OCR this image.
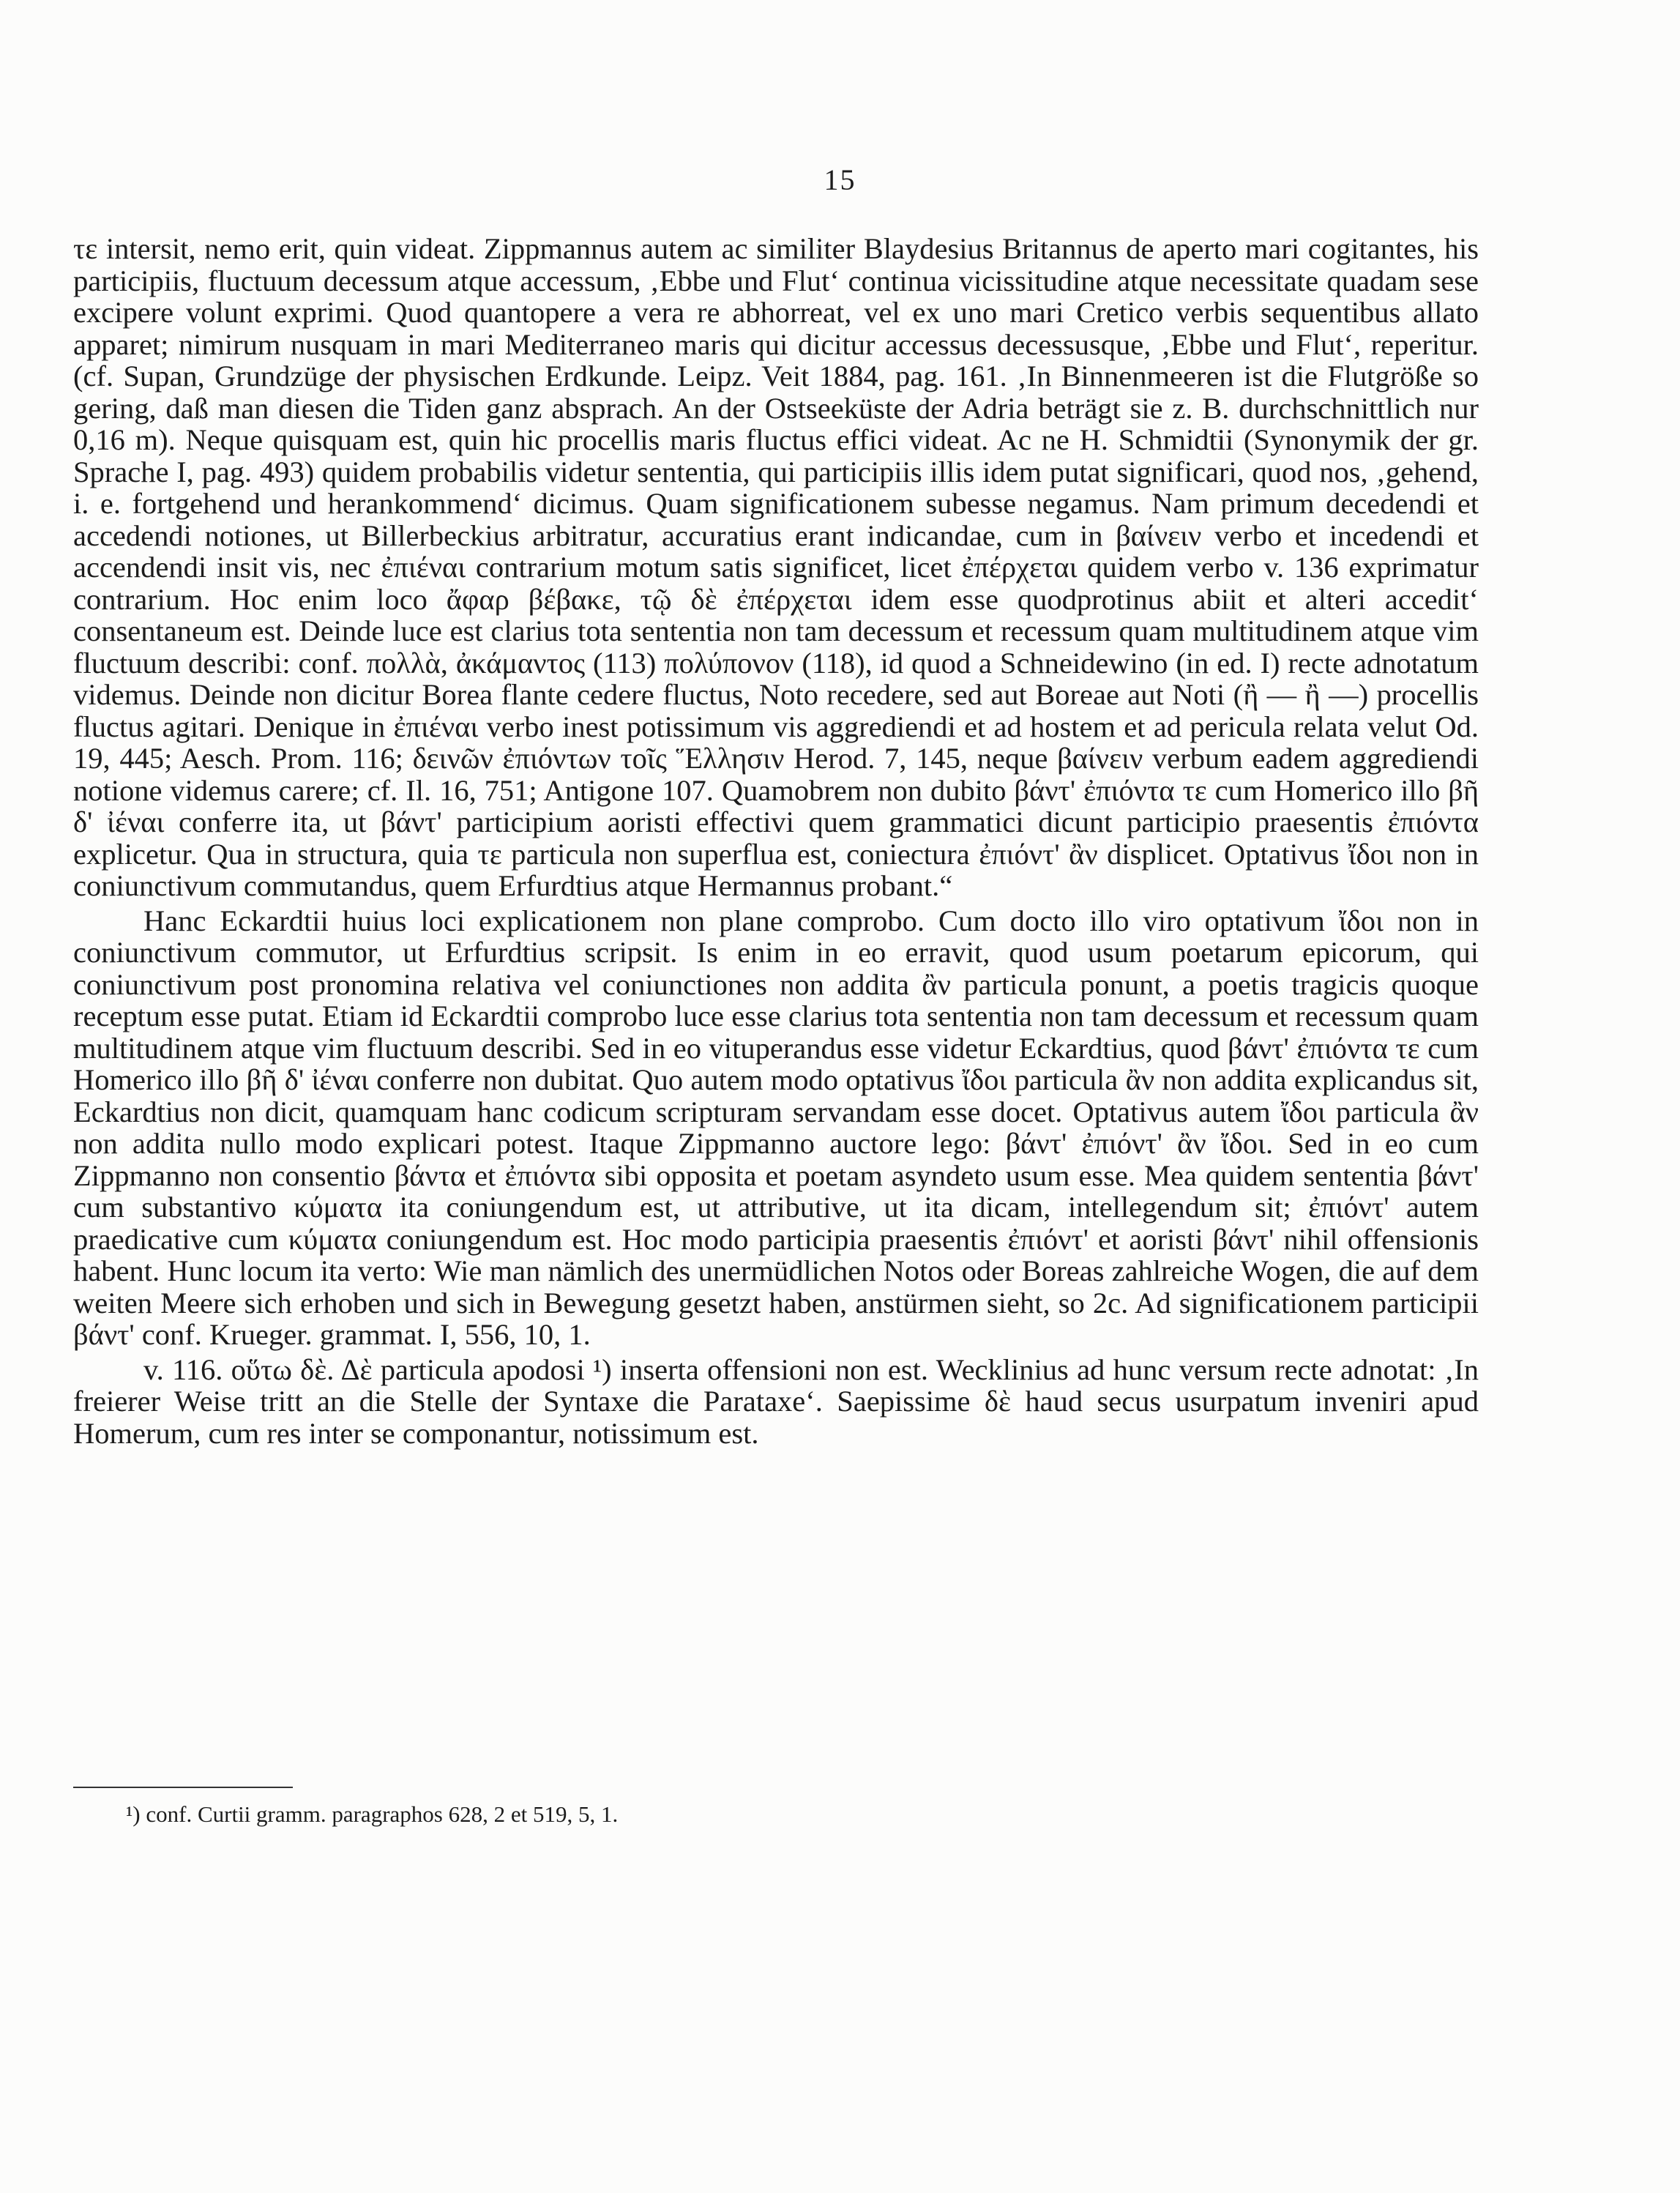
15

τε intersit, nemo erit, quin videat. Zippmannus autem ac similiter Blaydesius Britannus de aperto mari cogitantes, his participiis, fluctuum decessum atque accessum, ‚Ebbe und Flut‘ continua vicissitudine atque necessitate quadam sese excipere volunt exprimi. Quod quantopere a vera re abhorreat, vel ex uno mari Cretico verbis sequentibus allato apparet; nimirum nusquam in mari Mediterraneo maris qui dicitur accessus decessusque, ‚Ebbe und Flut‘, reperitur. (cf. Supan, Grundzüge der physischen Erdkunde. Leipz. Veit 1884, pag. 161. ‚In Binnenmeeren ist die Flutgröße so gering, daß man diesen die Tiden ganz absprach. An der Ostseeküste der Adria beträgt sie z. B. durchschnittlich nur 0,16 m). Neque quisquam est, quin hic procellis maris fluctus effici videat. Ac ne H. Schmidtii (Synonymik der gr. Sprache I, pag. 493) quidem probabilis videtur sententia, qui participiis illis idem putat significari, quod nos, ‚gehend, i. e. fortgehend und herankommend‘ dicimus. Quam significationem subesse negamus. Nam primum decedendi et accedendi notiones, ut Billerbeckius arbitratur, accuratius erant indicandae, cum in βαίνειν verbo et incedendi et accendendi insit vis, nec ἐπιέναι contrarium motum satis significet, licet ἐπέρχεται quidem verbo v. 136 exprimatur contrarium. Hoc enim loco ἄφαρ βέβακε, τῷ δὲ ἐπέρχεται idem esse quodprotinus abiit et alteri accedit‘ consentaneum est. Deinde luce est clarius tota sententia non tam decessum et recessum quam multitudinem atque vim fluctuum describi: conf. πολλὰ, ἀκάμαντος (113) πολύπονον (118), id quod a Schneidewino (in ed. I) recte adnotatum videmus. Deinde non dicitur Borea flante cedere fluctus, Noto recedere, sed aut Boreae aut Noti (ἢ — ἢ —) procellis fluctus agitari. Denique in ἐπιέναι verbo inest potissimum vis aggrediendi et ad hostem et ad pericula relata velut Od. 19, 445; Aesch. Prom. 116; δεινῶν ἐπιόντων τοῖς Ἕλλησιν Herod. 7, 145, neque βαίνειν verbum eadem aggrediendi notione videmus carere; cf. Il. 16, 751; Antigone 107. Quamobrem non dubito βάντ' ἐπιόντα τε cum Homerico illo βῆ δ' ἰέναι conferre ita, ut βάντ' participium aoristi effectivi quem grammatici dicunt participio praesentis ἐπιόντα explicetur. Qua in structura, quia τε particula non superflua est, coniectura ἐπιόντ' ἂν displicet. Optativus ἴδοι non in coniunctivum commutandus, quem Erfurdtius atque Hermannus probant.“

Hanc Eckardtii huius loci explicationem non plane comprobo. Cum docto illo viro optativum ἴδοι non in coniunctivum commutor, ut Erfurdtius scripsit. Is enim in eo erravit, quod usum poetarum epicorum, qui coniunctivum post pronomina relativa vel coniunctiones non addita ἂν particula ponunt, a poetis tragicis quoque receptum esse putat. Etiam id Eckardtii comprobo luce esse clarius tota sententia non tam decessum et recessum quam multitudinem atque vim fluctuum describi. Sed in eo vituperandus esse videtur Eckardtius, quod βάντ' ἐπιόντα τε cum Homerico illo βῆ δ' ἰέναι conferre non dubitat. Quo autem modo optativus ἴδοι particula ἂν non addita explicandus sit, Eckardtius non dicit, quamquam hanc codicum scripturam servandam esse docet. Optativus autem ἴδοι particula ἂν non addita nullo modo explicari potest. Itaque Zippmanno auctore lego: βάντ' ἐπιόντ' ἂν ἴδοι. Sed in eo cum Zippmanno non consentio βάντα et ἐπιόντα sibi opposita et poetam asyndeto usum esse. Mea quidem sententia βάντ' cum substantivo κύματα ita coniungendum est, ut attributive, ut ita dicam, intellegendum sit; ἐπιόντ' autem praedicative cum κύματα coniungendum est. Hoc modo participia praesentis ἐπιόντ' et aoristi βάντ' nihil offensionis habent. Hunc locum ita verto: Wie man nämlich des unermüdlichen Notos oder Boreas zahlreiche Wogen, die auf dem weiten Meere sich erhoben und sich in Bewegung gesetzt haben, anstürmen sieht, so 2c. Ad significationem participii βάντ' conf. Krueger. grammat. I, 556, 10, 1.

v. 116. οὕτω δὲ. Δὲ particula apodosi ¹) inserta offensioni non est. Wecklinius ad hunc versum recte adnotat: ‚In freierer Weise tritt an die Stelle der Syntaxe die Parataxe‘. Saepissime δὲ haud secus usurpatum inveniri apud Homerum, cum res inter se componantur, notissimum est.

¹) conf. Curtii gramm. paragraphos 628, 2 et 519, 5, 1.
